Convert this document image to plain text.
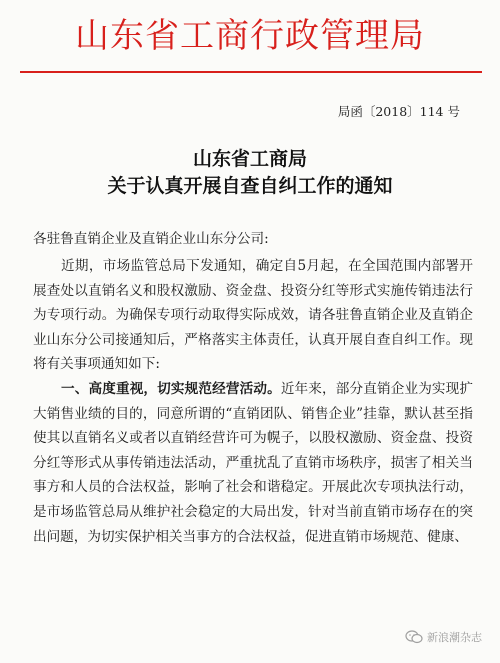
山东省工商行政管理局
局函〔2018〕114 号
山东省工商局
关于认真开展自查自纠工作的通知
各驻鲁直销企业及直销企业山东分公司:
近期，市场监管总局下发通知，确定自5月起，在全国范围内部署开展查处以直销名义和股权激励、资金盘、投资分红等形式实施传销违法行为专项行动。为确保专项行动取得实际成效，请各驻鲁直销企业及直销企业山东分公司接通知后，严格落实主体责任，认真开展自查自纠工作。现将有关事项通知如下:
一、高度重视，切实规范经营活动。近年来，部分直销企业为实现扩大销售业绩的目的，同意所谓的“直销团队、销售企业”挂靠，默认甚至指使其以直销名义或者以直销经营许可为幌子，以股权激励、资金盘、投资分红等形式从事传销违法活动，严重扰乱了直销市场秩序，损害了相关当事方和人员的合法权益，影响了社会和谐稳定。开展此次专项执法行动，是市场监管总局从维护社会稳定的大局出发，针对当前直销市场存在的突出问题，为切实保护相关当事方的合法权益，促进直销市场规范、健康、
新浪潮杂志
